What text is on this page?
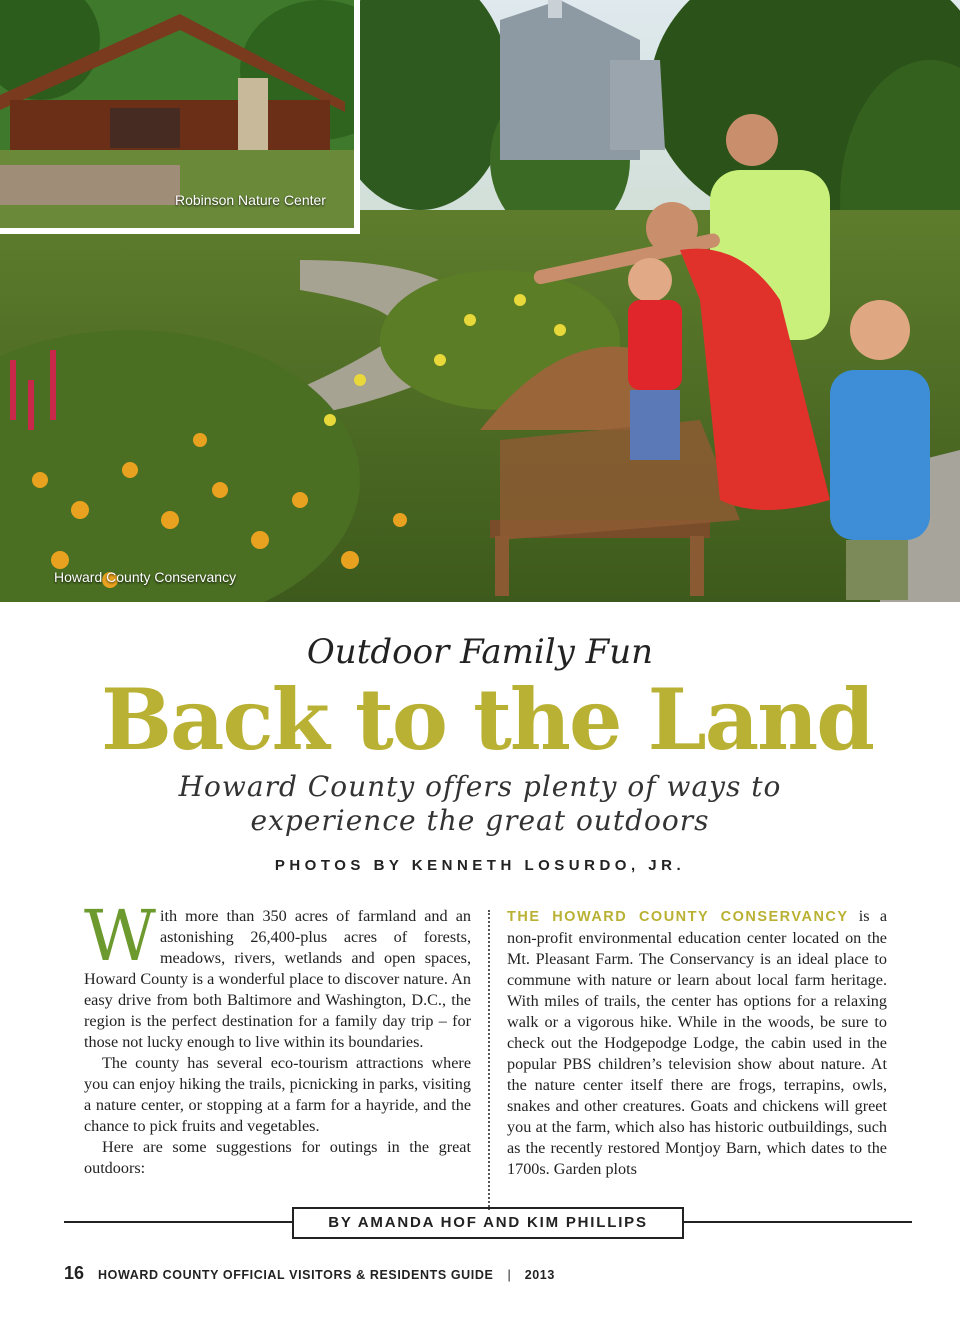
Howard County Conservancy
Robinson Nature Center
Outdoor Family Fun
Back to the Land
Howard County offers plenty of ways to
experience the great outdoors
PHOTOS BY KENNETH LOSURDO, JR.

With more than 350 acres of farmland and an astonishing 26,400-plus acres of forests, meadows, rivers, wetlands and open spaces, Howard County is a wonderful place to discover nature. An easy drive from both Baltimore and Washington, D.C., the region is the perfect destination for a family day trip – for those not lucky enough to live within its boundaries.

The county has several eco-tourism attractions where you can enjoy hiking the trails, picnicking in parks, visiting a nature center, or stopping at a farm for a hayride, and the chance to pick fruits and vegetables.

Here are some suggestions for outings in the great outdoors:

THE HOWARD COUNTY CONSERVANCY is a non-profit environmental education center located on the Mt. Pleasant Farm. The Conservancy is an ideal place to commune with nature or learn about local farm heritage. With miles of trails, the center has options for a relaxing walk or a vigorous hike. While in the woods, be sure to check out the Hodgepodge Lodge, the cabin used in the popular PBS children’s television show about nature. At the nature center itself there are frogs, terrapins, owls, snakes and other creatures. Goats and chickens will greet you at the farm, which also has historic outbuildings, such as the recently restored Montjoy Barn, which dates to the 1700s. Garden plots

BY AMANDA HOF AND KIM PHILLIPS
16 HOWARD COUNTY OFFICIAL VISITORS & RESIDENTS GUIDE | 2013
